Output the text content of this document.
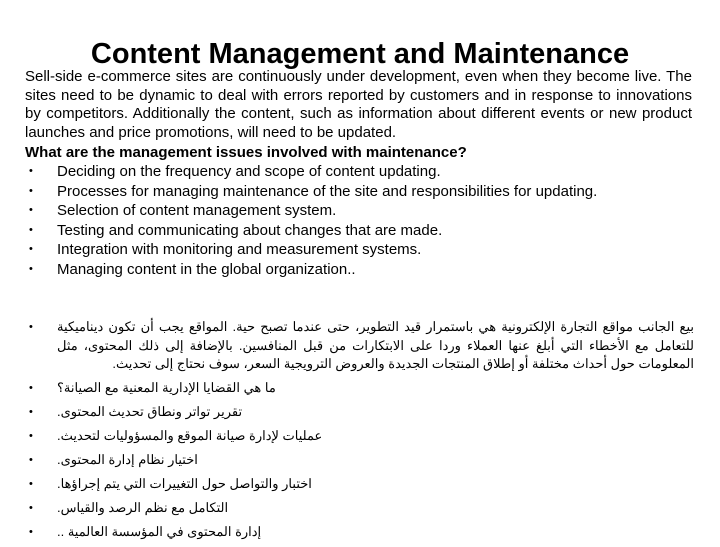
Content Management and Maintenance
Sell-side e-commerce sites are continuously under development, even when they become live. The sites need to be dynamic to deal with errors reported by customers and in response to innovations by competitors. Additionally the content, such as information about different events or new product launches and price promotions, will need to be updated.
What are the management issues involved with maintenance?
• Deciding on the frequency and scope of content updating.
• Processes for managing maintenance of the site and responsibilities for updating.
• Selection of content management system.
• Testing and communicating about changes that are made.
• Integration with monitoring and measurement systems.
• Managing content in the global organization..
• بيع الجانب مواقع التجارة الإلكترونية هي باستمرار قيد التطوير، حتى عندما تصبح حية. المواقع يجب أن تكون ديناميكية للتعامل مع الأخطاء التي أبلغ عنها العملاء وردا على الابتكارات من قبل المنافسين. بالإضافة إلى ذلك المحتوى، مثل المعلومات حول أحداث مختلفة أو إطلاق المنتجات الجديدة والعروض الترويجية السعر، سوف نحتاج إلى تحديث.
• ما هي القضايا الإدارية المعنية مع الصيانة؟
• تقرير تواتر ونطاق تحديث المحتوى.
• عمليات لإدارة صيانة الموقع والمسؤوليات لتحديث.
• اختيار نظام إدارة المحتوى.
• اختبار والتواصل حول التغييرات التي يتم إجراؤها.
• التكامل مع نظم الرصد والقياس.
• إدارة المحتوى في المؤسسة العالمية ..
